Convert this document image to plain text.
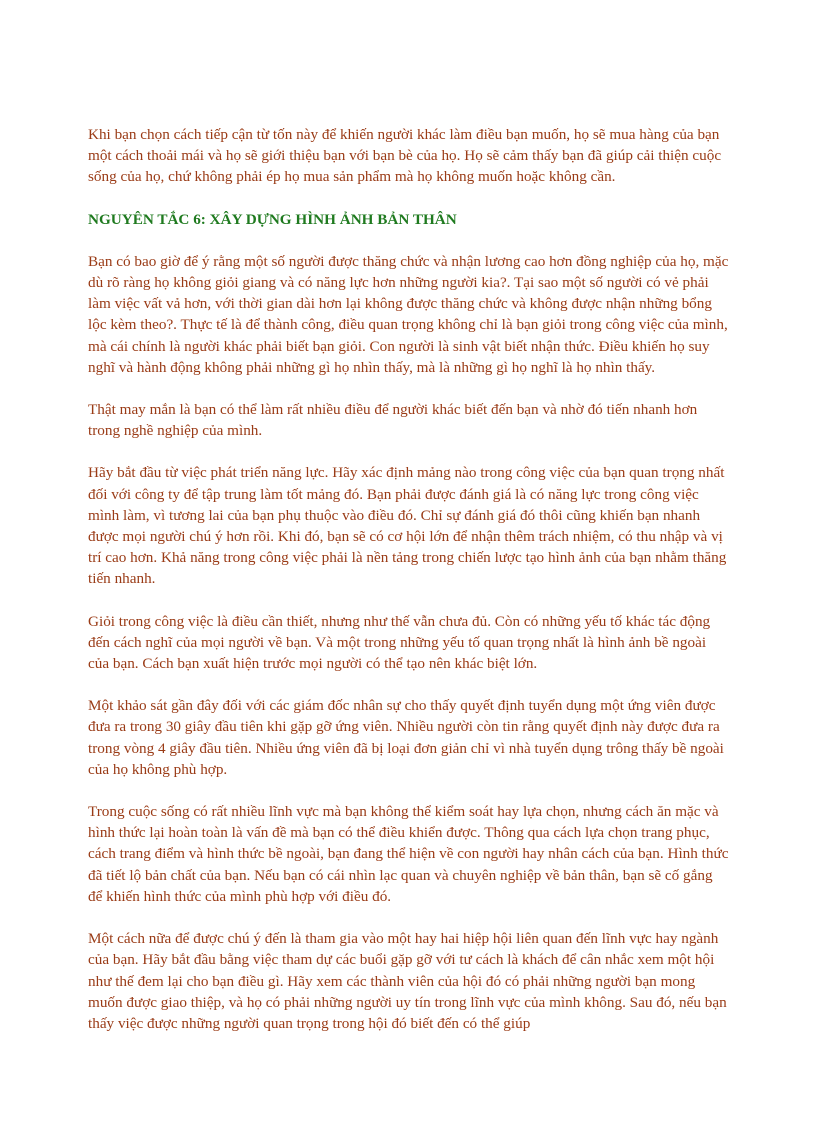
Khi bạn chọn cách tiếp cận từ tốn này để khiến người khác làm điều bạn muốn, họ sẽ mua hàng của bạn một cách thoải mái và họ sẽ giới thiệu bạn với bạn bè của họ. Họ sẽ cảm thấy bạn đã giúp cải thiện cuộc sống của họ, chứ không phải ép họ mua sản phẩm mà họ không muốn hoặc không cần.

NGUYÊN TẮC 6: XÂY DỰNG HÌNH ẢNH BẢN THÂN

Bạn có bao giờ để ý rằng một số người được thăng chức và nhận lương cao hơn đồng nghiệp của họ, mặc dù rõ ràng họ không giỏi giang và có năng lực hơn những người kia?. Tại sao một số người có vẻ phải làm việc vất vả hơn, với thời gian dài hơn lại không được thăng chức và không được nhận những bổng lộc kèm theo?. Thực tế là để thành công, điều quan trọng không chỉ là bạn giỏi trong công việc của mình, mà cái chính là người khác phải biết bạn giỏi. Con người là sinh vật biết nhận thức. Điều khiến họ suy nghĩ và hành động không phải những gì họ nhìn thấy, mà là những gì họ nghĩ là họ nhìn thấy.

Thật may mắn là bạn có thể làm rất nhiều điều để người khác biết đến bạn và nhờ đó tiến nhanh hơn trong nghề nghiệp của mình.

Hãy bắt đầu từ việc phát triển năng lực. Hãy xác định mảng nào trong công việc của bạn quan trọng nhất đối với công ty để tập trung làm tốt mảng đó. Bạn phải được đánh giá là có năng lực trong công việc mình làm, vì tương lai của bạn phụ thuộc vào điều đó. Chỉ sự đánh giá đó thôi cũng khiến bạn nhanh được mọi người chú ý hơn rồi. Khi đó, bạn sẽ có cơ hội lớn để nhận thêm trách nhiệm, có thu nhập và vị trí cao hơn. Khả năng trong công việc phải là nền tảng trong chiến lược tạo hình ảnh của bạn nhằm thăng tiến nhanh.

Giỏi trong công việc là điều cần thiết, nhưng như thế vẫn chưa đủ. Còn có những yếu tố khác tác động đến cách nghĩ của mọi người về bạn. Và một trong những yếu tố quan trọng nhất là hình ảnh bề ngoài của bạn. Cách bạn xuất hiện trước mọi người có thể tạo nên khác biệt lớn.

Một khảo sát gần đây đối với các giám đốc nhân sự cho thấy quyết định tuyển dụng một ứng viên được đưa ra trong 30 giây đầu tiên khi gặp gỡ ứng viên. Nhiều người còn tin rằng quyết định này được đưa ra trong vòng 4 giây đầu tiên. Nhiều ứng viên đã bị loại đơn giản chỉ vì nhà tuyển dụng trông thấy bề ngoài của họ không phù hợp.

Trong cuộc sống có rất nhiều lĩnh vực mà bạn không thể kiểm soát hay lựa chọn, nhưng cách ăn mặc và hình thức lại hoàn toàn là vấn đề mà bạn có thể điều khiển được. Thông qua cách lựa chọn trang phục, cách trang điểm và hình thức bề ngoài, bạn đang thể hiện về con người hay nhân cách của bạn. Hình thức đã tiết lộ bản chất của bạn. Nếu bạn có cái nhìn lạc quan và chuyên nghiệp về bản thân, bạn sẽ cố gắng để khiến hình thức của mình phù hợp với điều đó.

Một cách nữa để được chú ý đến là tham gia vào một hay hai hiệp hội liên quan đến lĩnh vực hay ngành của bạn. Hãy bắt đầu bằng việc tham dự các buổi gặp gỡ với tư cách là khách để cân nhắc xem một hội như thế đem lại cho bạn điều gì. Hãy xem các thành viên của hội đó có phải những người bạn mong muốn được giao thiệp, và họ có phải những người uy tín trong lĩnh vực của mình không. Sau đó, nếu bạn thấy việc được những người quan trọng trong hội đó biết đến có thể giúp
